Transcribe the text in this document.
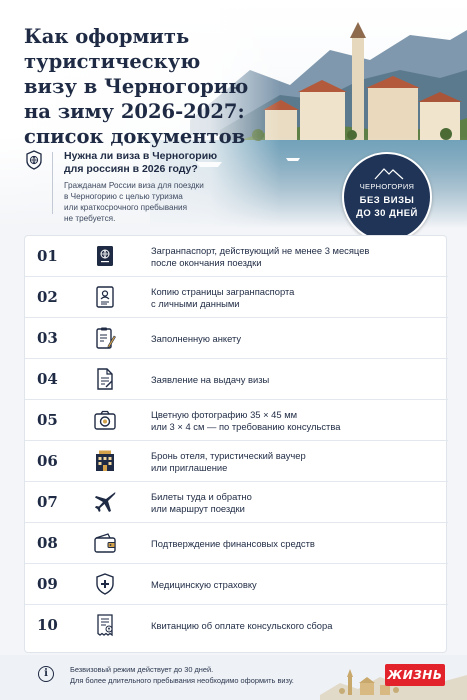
Как оформить туристическую
визу в Черногорию
на зиму 2026-2027:
список документов
Нужна ли виза в Черногорию
для россиян в 2026 году?
Гражданам России виза для поездки
в Черногорию с целью туризма
или краткосрочного пребывания
не требуется.
ЧЕРНОГОРИЯ
БЕЗ ВИЗЫ
ДО 30 ДНЕЙ
01	Загранпаспорт, действующий не менее 3 месяцев
после окончания поездки
02	Копию страницы загранпаспорта
с личными данными
03	Заполненную анкету
04	Заявление на выдачу визы
05	Цветную фотографию 35 × 45 мм
или 3 × 4 см — по требованию консульства
06	Бронь отеля, туристический ваучер
или приглашение
07	Билеты туда и обратно
или маршрут поездки
08	Подтверждение финансовых средств
09	Медицинскую страховку
10	Квитанцию об оплате консульского сбора
i	Безвизовый режим действует до 30 дней.
Для более длительного пребывания необходимо оформить визу.	ЖИЗНЬ
